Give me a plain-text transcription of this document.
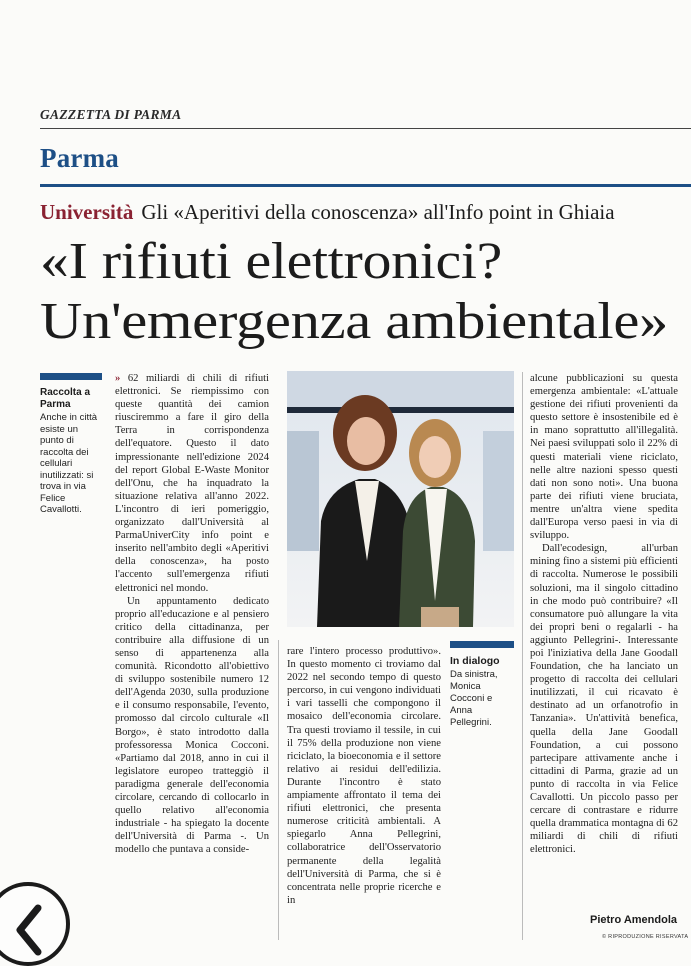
GAZZETTA DI PARMA
Parma
Università Gli «Aperitivi della conoscenza» all'Info point in Ghiaia
«I rifiuti elettronici?
Un'emergenza ambientale»
Raccolta a Parma
Anche in città esiste un punto di raccolta dei cellulari inutilizzati: si trova in via Felice Cavallotti.

» 62 miliardi di chili di rifiuti elettronici. Se riempissimo con queste quantità dei camion riusciremmo a fare il giro della Terra in corrispondenza dell'equatore. Questo il dato impressionante nell'edizione 2024 del report Global E-Waste Monitor dell'Onu, che ha inquadrato la situazione relativa all'anno 2022. L'incontro di ieri pomeriggio, organizzato dall'Università al ParmaUniverCity info point e inserito nell'ambito degli «Aperitivi della conoscenza», ha posto l'accento sull'emergenza rifiuti elettronici nel mondo.

Un appuntamento dedicato proprio all'educazione e al pensiero critico della cittadinanza, per contribuire alla diffusione di un senso di appartenenza alla comunità. Ricondotto all'obiettivo di sviluppo sostenibile numero 12 dell'Agenda 2030, sulla produzione e il consumo responsabile, l'evento, promosso dal circolo culturale «Il Borgo», è stato introdotto dalla professoressa Monica Cocconi. «Partiamo dal 2018, anno in cui il legislatore europeo tratteggiò il paradigma generale dell'economia circolare, cercando di collocarlo in quello relativo all'economia industriale - ha spiegato la docente dell'Università di Parma -. Un modello che puntava a conside-

rare l'intero processo produttivo». In questo momento ci troviamo dal 2022 nel secondo tempo di questo percorso, in cui vengono individuati i vari tasselli che compongono il mosaico dell'economia circolare. Tra questi troviamo il tessile, in cui il 75% della produzione non viene riciclato, la bioeconomia e il settore relativo ai residui dell'edilizia. Durante l'incontro è stato ampiamente affrontato il tema dei rifiuti elettronici, che presenta numerose criticità ambientali. A spiegarlo Anna Pellegrini, collaboratrice dell'Osservatorio permanente della legalità dell'Università di Parma, che si è concentrata nelle proprie ricerche e in

In dialogo
Da sinistra, Monica Cocconi e Anna Pellegrini.

alcune pubblicazioni su questa emergenza ambientale: «L'attuale gestione dei rifiuti provenienti da questo settore è insostenibile ed è in mano soprattutto all'illegalità. Nei paesi sviluppati solo il 22% di questi materiali viene riciclato, nelle altre nazioni spesso questi dati non sono noti». Una buona parte dei rifiuti viene bruciata, mentre un'altra viene spedita dall'Europa verso paesi in via di sviluppo.

Dall'ecodesign, all'urban mining fino a sistemi più efficienti di raccolta. Numerose le possibili soluzioni, ma il singolo cittadino in che modo può contribuire? «Il consumatore può allungare la vita dei propri beni o regalarli - ha aggiunto Pellegrini-. Interessante poi l'iniziativa della Jane Goodall Foundation, che ha lanciato un progetto di raccolta dei cellulari inutilizzati, il cui ricavato è destinato ad un orfanotrofio in Tanzania». Un'attività benefica, quella della Jane Goodall Foundation, a cui possono partecipare attivamente anche i cittadini di Parma, grazie ad un punto di raccolta in via Felice Cavallotti. Un piccolo passo per cercare di contrastare e ridurre quella drammatica montagna di 62 miliardi di chili di rifiuti elettronici.

Pietro Amendola
© RIPRODUZIONE RISERVATA
